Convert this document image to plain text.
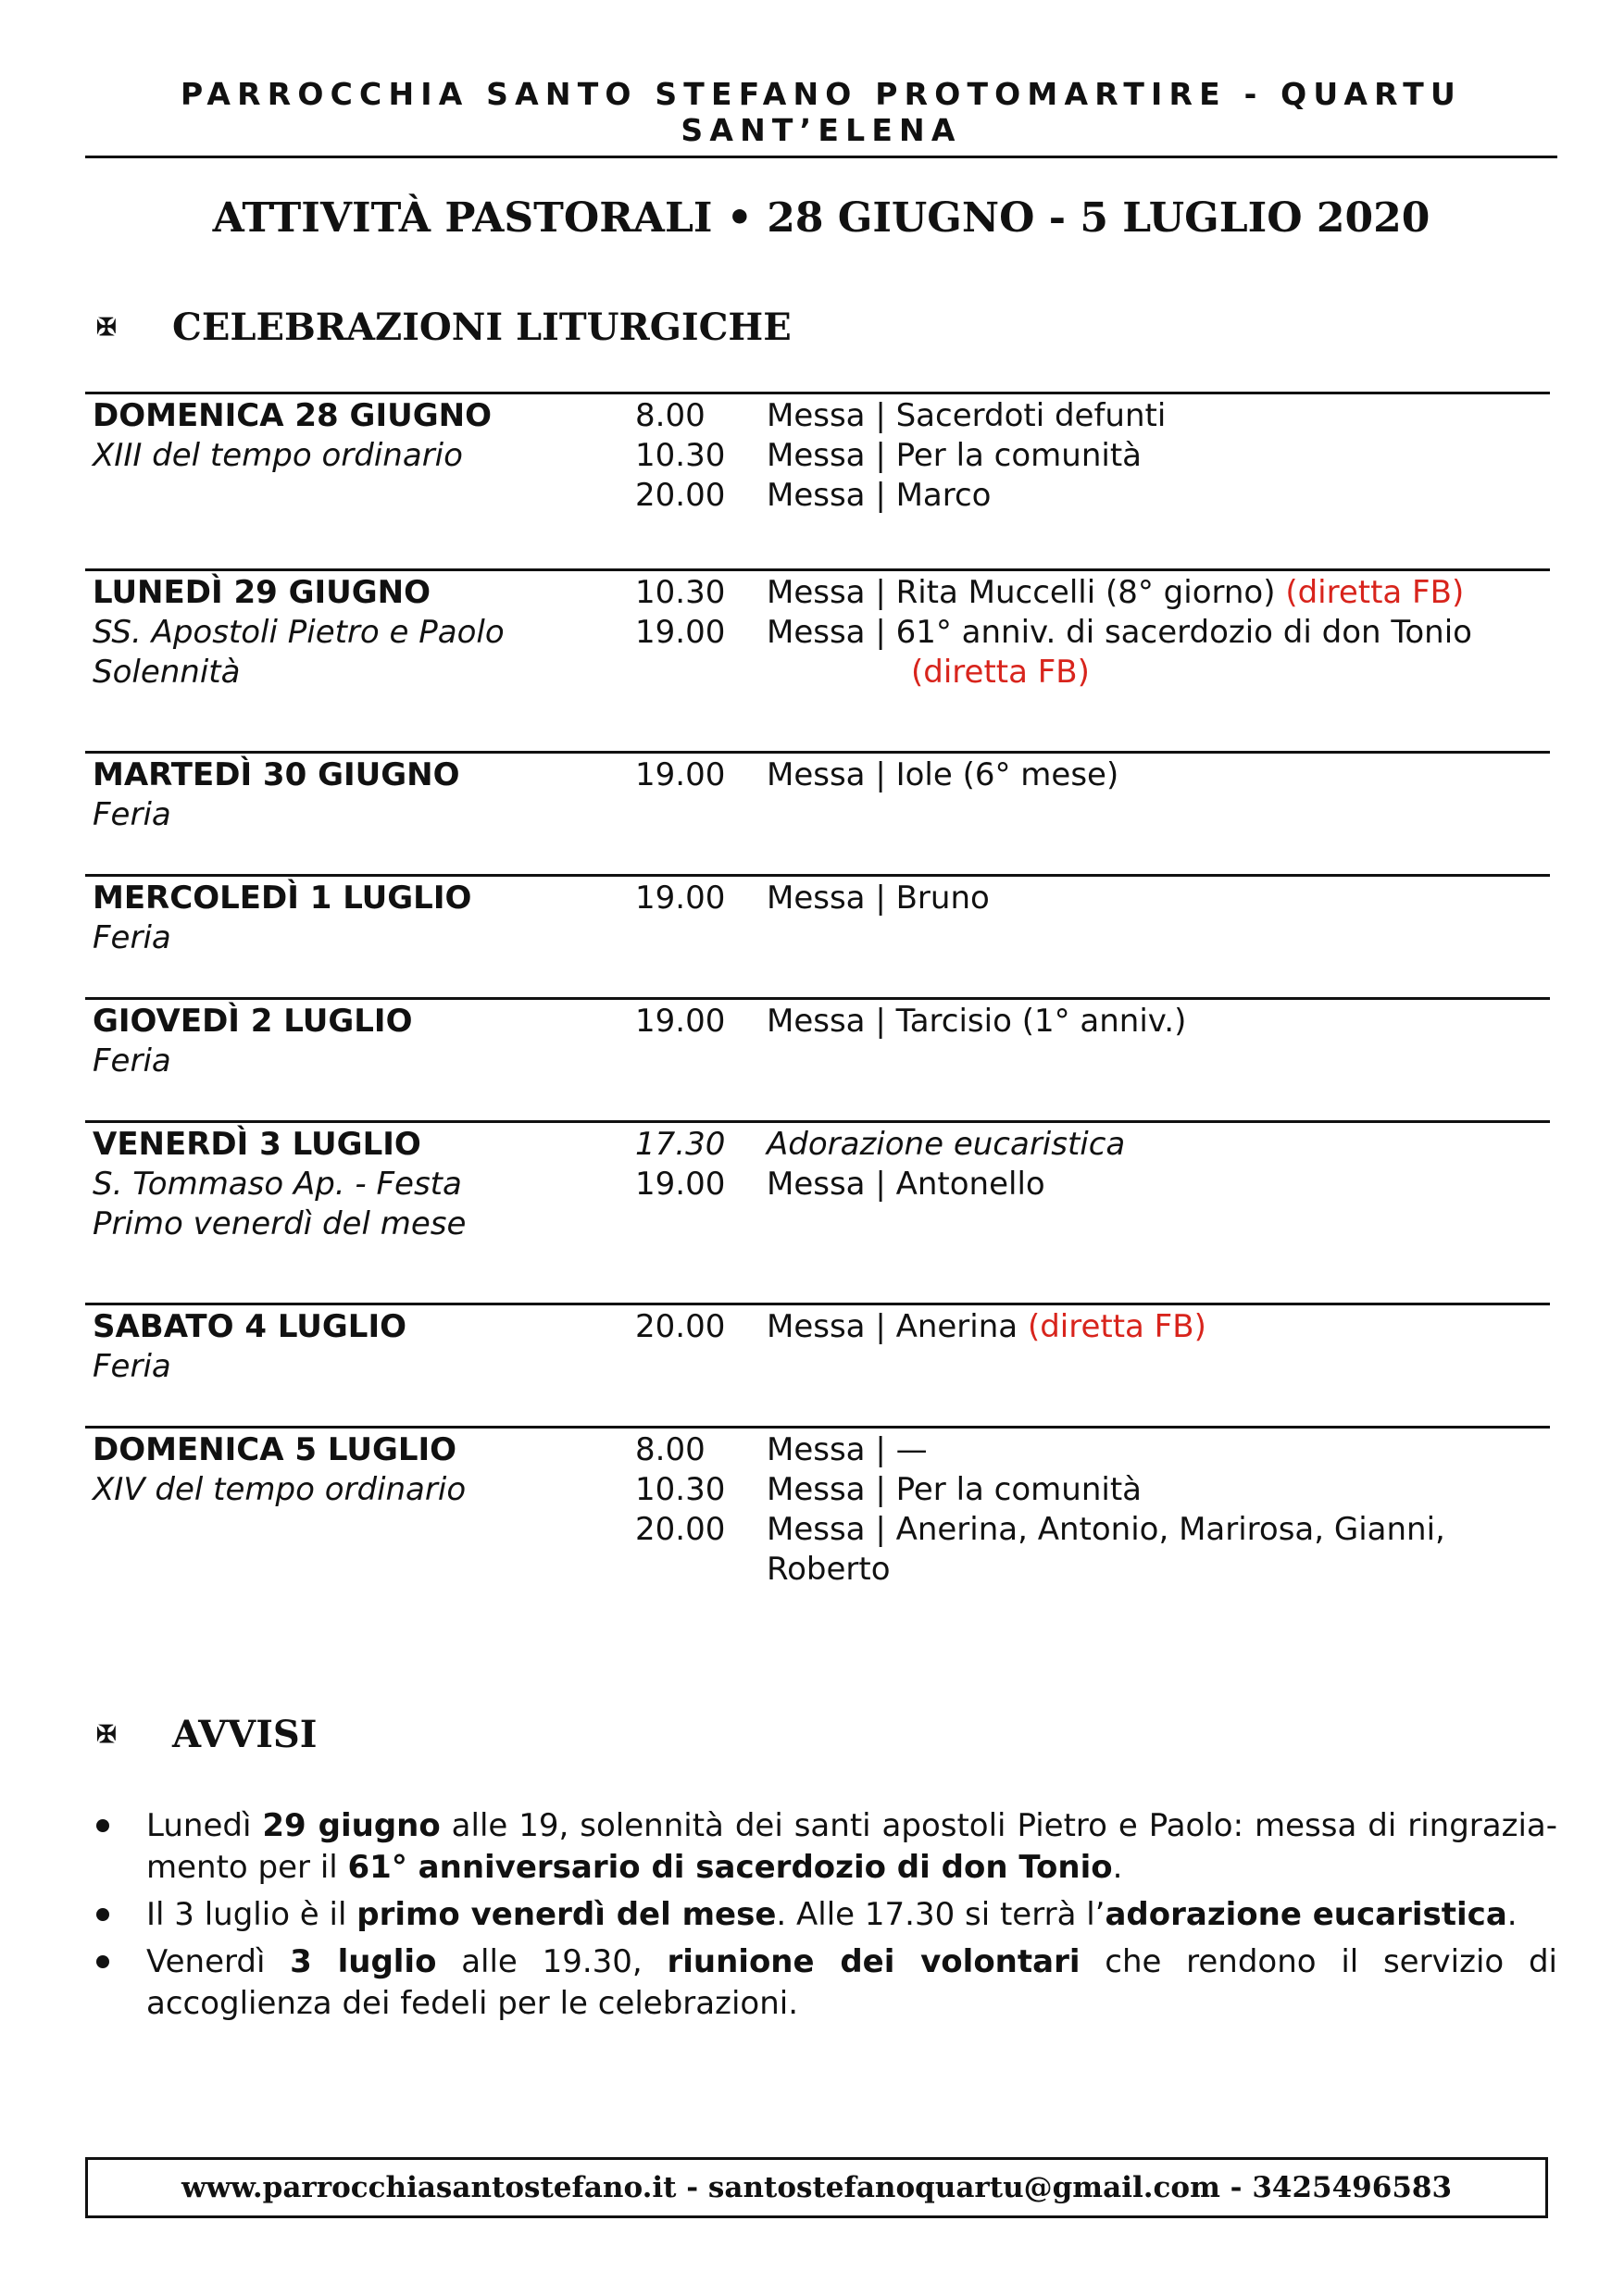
PARROCCHIA SANTO STEFANO PROTOMARTIRE - QUARTU SANT’ELENA
ATTIVITÀ PASTORALI • 28 GIUGNO - 5 LUGLIO 2020
✠	CELEBRAZIONI LITURGICHE
DOMENICA 28 GIUGNO
XIII del tempo ordinario
8.00	Messa | Sacerdoti defunti
10.30	Messa | Per la comunità
20.00	Messa | Marco
LUNEDÌ 29 GIUGNO
SS. Apostoli Pietro e Paolo
Solennità
10.30	Messa | Rita Muccelli (8° giorno) (diretta FB)
19.00	Messa | 61° anniv. di sacerdozio di don Tonio
(diretta FB)
MARTEDÌ 30 GIUGNO
Feria
19.00	Messa | Iole (6° mese)
MERCOLEDÌ 1 LUGLIO
Feria
19.00	Messa | Bruno
GIOVEDÌ 2 LUGLIO
Feria
19.00	Messa | Tarcisio (1° anniv.)
VENERDÌ 3 LUGLIO
S. Tommaso Ap. - Festa
Primo venerdì del mese
17.30	Adorazione eucaristica
19.00	Messa | Antonello
SABATO 4 LUGLIO
Feria
20.00	Messa | Anerina (diretta FB)
DOMENICA 5 LUGLIO
XIV del tempo ordinario
8.00	Messa | —
10.30	Messa | Per la comunità
20.00	Messa | Anerina, Antonio, Marirosa, Gianni, Roberto
✠	AVVISI
Lunedì 29 giugno alle 19, solennità dei santi apostoli Pietro e Paolo: messa di ringrazia-mento per il 61° anniversario di sacerdozio di don Tonio.
Il 3 luglio è il primo venerdì del mese. Alle 17.30 si terrà l’adorazione eucaristica.
Venerdì 3 luglio alle 19.30, riunione dei volontari che rendono il servizio di accoglienza dei fedeli per le celebrazioni.
www.parrocchiasantostefano.it - santostefanoquartu@gmail.com - 3425496583
